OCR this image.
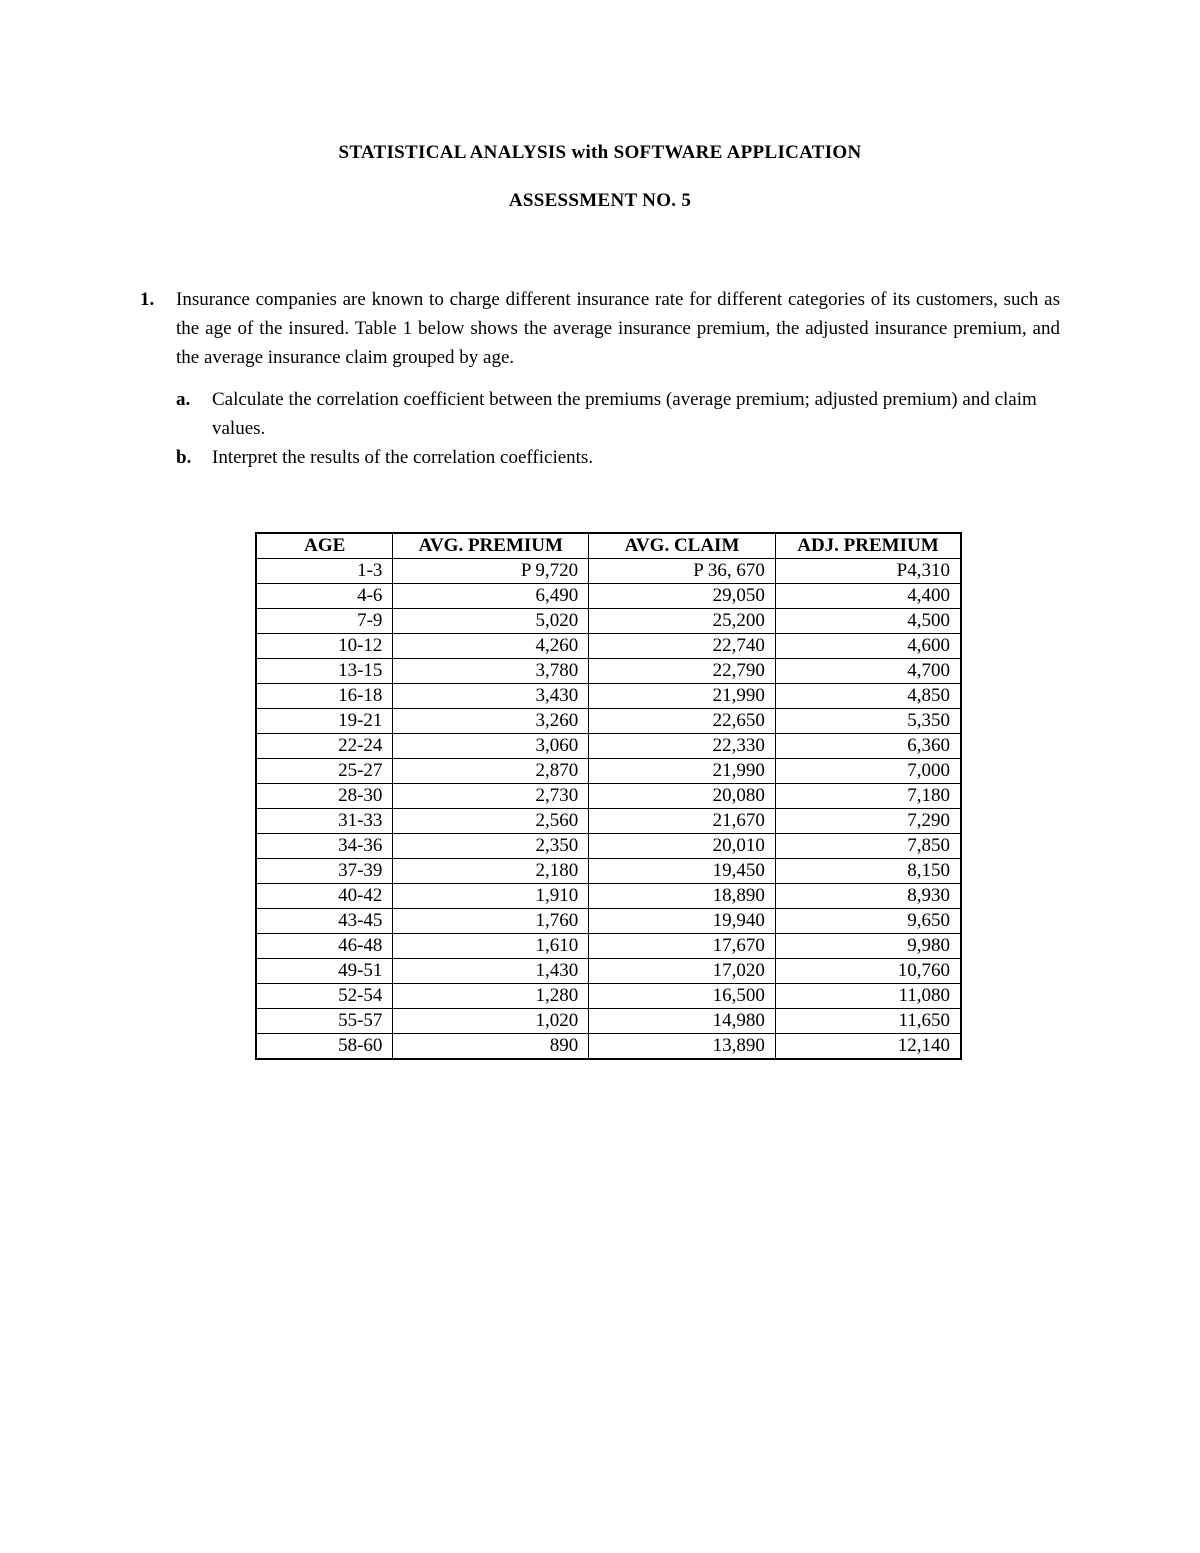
STATISTICAL ANALYSIS with SOFTWARE APPLICATION
ASSESSMENT NO. 5
1. Insurance companies are known to charge different insurance rate for different categories of its customers, such as the age of the insured. Table 1 below shows the average insurance premium, the adjusted insurance premium, and the average insurance claim grouped by age.
a. Calculate the correlation coefficient between the premiums (average premium; adjusted premium) and claim values.
b. Interpret the results of the correlation coefficients.
AGE	AVG. PREMIUM	AVG. CLAIM	ADJ. PREMIUM
1-3	P 9,720	P 36, 670	P4,310
4-6	6,490	29,050	4,400
7-9	5,020	25,200	4,500
10-12	4,260	22,740	4,600
13-15	3,780	22,790	4,700
16-18	3,430	21,990	4,850
19-21	3,260	22,650	5,350
22-24	3,060	22,330	6,360
25-27	2,870	21,990	7,000
28-30	2,730	20,080	7,180
31-33	2,560	21,670	7,290
34-36	2,350	20,010	7,850
37-39	2,180	19,450	8,150
40-42	1,910	18,890	8,930
43-45	1,760	19,940	9,650
46-48	1,610	17,670	9,980
49-51	1,430	17,020	10,760
52-54	1,280	16,500	11,080
55-57	1,020	14,980	11,650
58-60	890	13,890	12,140
